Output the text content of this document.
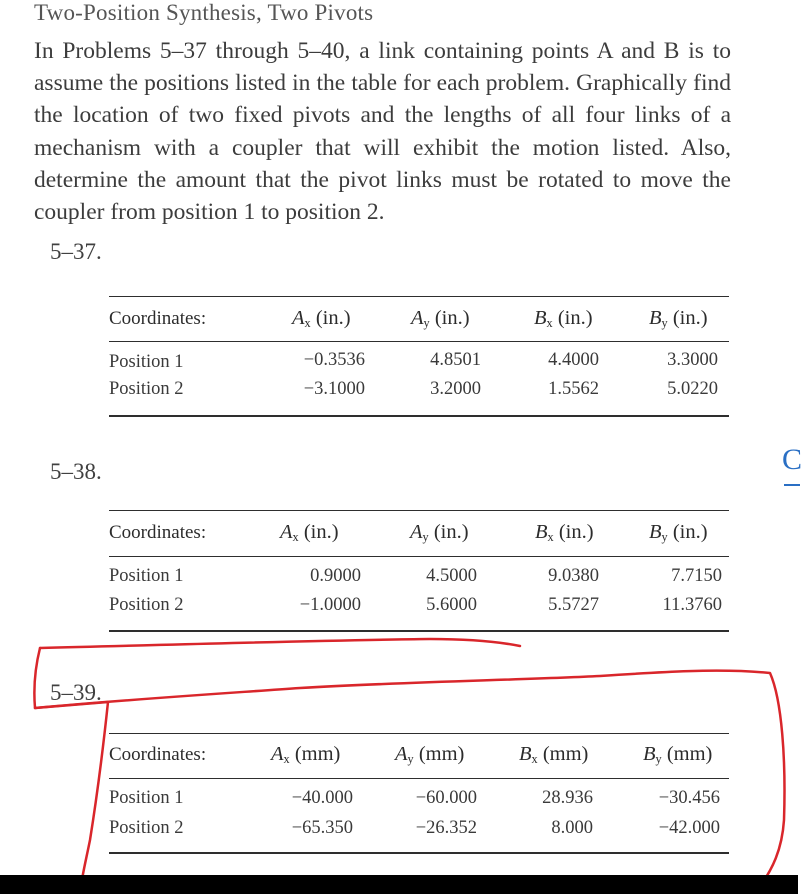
Two-Position Synthesis, Two Pivots
In Problems 5–37 through 5–40, a link containing points A and B is to assume the positions listed in the table for each problem. Graphically find the location of two fixed pivots and the lengths of all four links of a mechanism with a coupler that will exhibit the motion listed. Also, determine the amount that the pivot links must be rotated to move the coupler from position 1 to position 2.
5–37.
Coordinates:	$A_x$ (in.)	$A_y$ (in.)	$B_x$ (in.)	$B_y$ (in.)
Position 1	−0.3536	4.8501	4.4000	3.3000
Position 2	−3.1000	3.2000	1.5562	5.0220
5–38.
Coordinates:	$A_x$ (in.)	$A_y$ (in.)	$B_x$ (in.)	$B_y$ (in.)
Position 1	0.9000	4.5000	9.0380	7.7150
Position 2	−1.0000	5.6000	5.5727	11.3760
5–39.
Coordinates:	$A_x$ (mm)	$A_y$ (mm)	$B_x$ (mm)	$B_y$ (mm)
Position 1	−40.000	−60.000	28.936	−30.456
Position 2	−65.350	−26.352	8.000	−42.000
C
